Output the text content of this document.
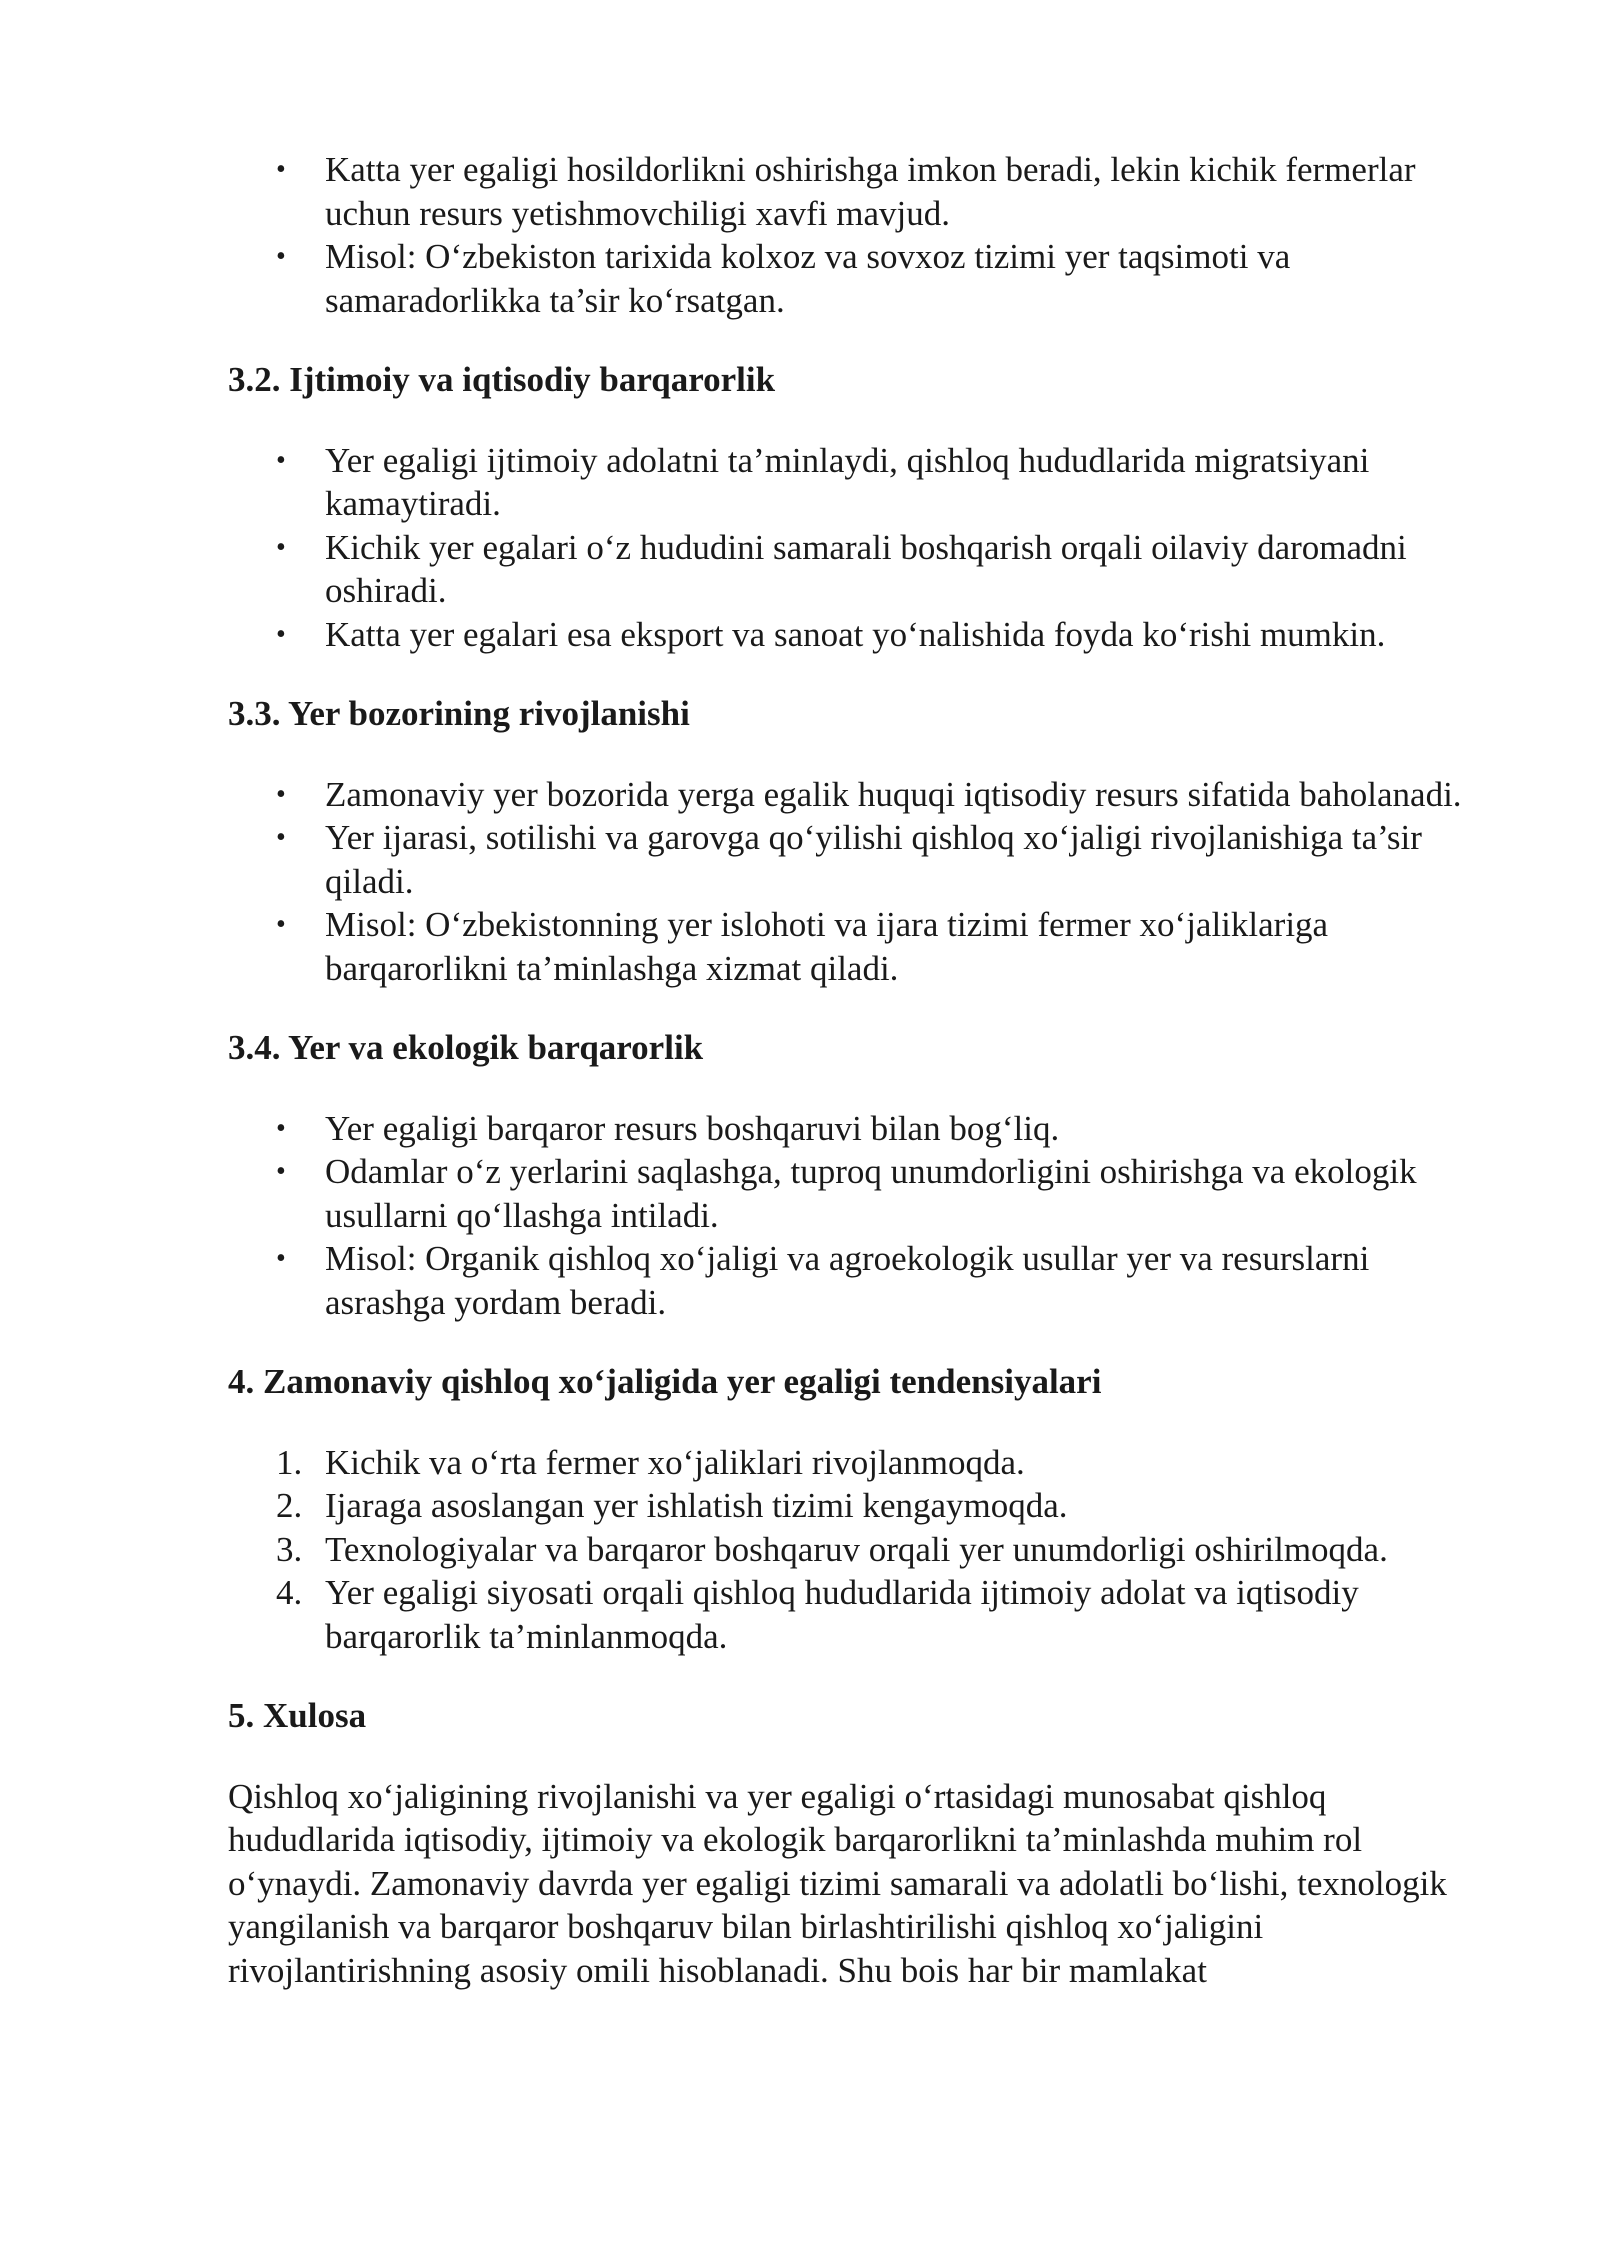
• Katta yer egaligi hosildorlikni oshirishga imkon beradi, lekin kichik fermerlar uchun resurs yetishmovchiligi xavfi mavjud.
• Misol: O‘zbekiston tarixida kolxoz va sovxoz tizimi yer taqsimoti va samaradorlikka ta’sir ko‘rsatgan.
3.2. Ijtimoiy va iqtisodiy barqarorlik
• Yer egaligi ijtimoiy adolatni ta’minlaydi, qishloq hududlarida migratsiyani kamaytiradi.
• Kichik yer egalari o‘z hududini samarali boshqarish orqali oilaviy daromadni oshiradi.
• Katta yer egalari esa eksport va sanoat yo‘nalishida foyda ko‘rishi mumkin.
3.3. Yer bozorining rivojlanishi
• Zamonaviy yer bozorida yerga egalik huquqi iqtisodiy resurs sifatida baholanadi.
• Yer ijarasi, sotilishi va garovga qo‘yilishi qishloq xo‘jaligi rivojlanishiga ta’sir qiladi.
• Misol: O‘zbekistonning yer islohoti va ijara tizimi fermer xo‘jaliklariga barqarorlikni ta’minlashga xizmat qiladi.
3.4. Yer va ekologik barqarorlik
• Yer egaligi barqaror resurs boshqaruvi bilan bog‘liq.
• Odamlar o‘z yerlarini saqlashga, tuproq unumdorligini oshirishga va ekologik usullarni qo‘llashga intiladi.
• Misol: Organik qishloq xo‘jaligi va agroekologik usullar yer va resurslarni asrashga yordam beradi.
4. Zamonaviy qishloq xo‘jaligida yer egaligi tendensiyalari
1. Kichik va o‘rta fermer xo‘jaliklari rivojlanmoqda.
2. Ijaraga asoslangan yer ishlatish tizimi kengaymoqda.
3. Texnologiyalar va barqaror boshqaruv orqali yer unumdorligi oshirilmoqda.
4. Yer egaligi siyosati orqali qishloq hududlarida ijtimoiy adolat va iqtisodiy barqarorlik ta’minlanmoqda.
5. Xulosa

Qishloq xo‘jaligining rivojlanishi va yer egaligi o‘rtasidagi munosabat qishloq hududlarida iqtisodiy, ijtimoiy va ekologik barqarorlikni ta’minlashda muhim rol o‘ynaydi. Zamonaviy davrda yer egaligi tizimi samarali va adolatli bo‘lishi, texnologik yangilanish va barqaror boshqaruv bilan birlashtirilishi qishloq xo‘jaligini rivojlantirishning asosiy omili hisoblanadi. Shu bois har bir mamlakat
